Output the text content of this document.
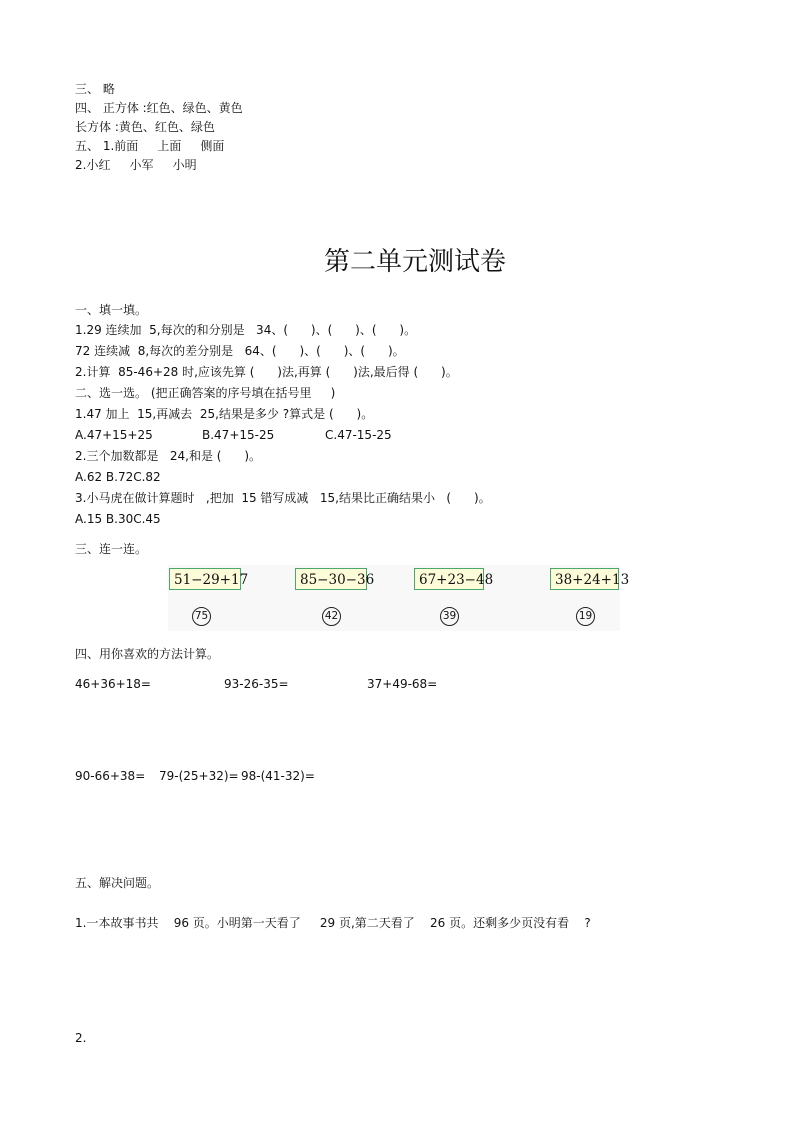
三、 略
四、 正方体 :红色、绿色、黄色
长方体 :黄色、红色、绿色
五、 1.前面     上面     侧面
2.小红     小军     小明
第二单元测试卷
一、填一填。
1.29 连续加  5,每次的和分别是   34、(      )、(      )、(      )。
72 连续减  8,每次的差分别是   64、(      )、(      )、(      )。
2.计算  85-46+28 时,应该先算 (      )法,再算 (      )法,最后得 (      )。
二、选一选。 (把正确答案的序号填在括号里     )
1.47 加上  15,再减去  25,结果是多少 ?算式是 (      )。
A.47+15+25	B.47+15-25	C.47-15-25
2.三个加数都是   24,和是 (      )。
A.62 B.72C.82
3.小马虎在做计算题时   ,把加  15 错写成减   15,结果比正确结果小   (      )。
A.15 B.30C.45
三、连一连。
51−29+17	85−30−36	67+23−48	38+24+13
75	42	39	19
四、用你喜欢的方法计算。
46+36+18=	93-26-35=	37+49-68=
90-66+38= 79-(25+32)= 98-(41-32)=
五、解决问题。
1.一本故事书共    96 页。小明第一天看了     29 页,第二天看了    26 页。还剩多少页没有看    ?
2.
